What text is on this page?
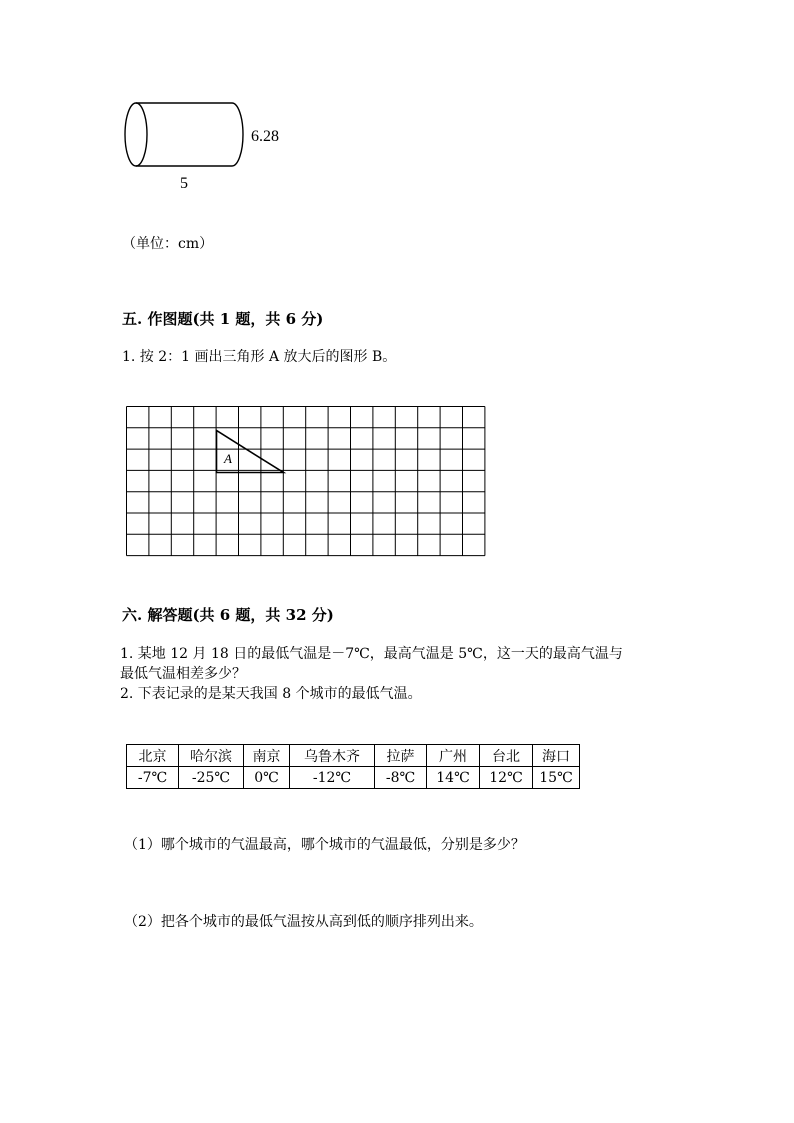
6.28
5
（单位：cm）
五. 作图题(共 1 题，共 6 分)
1. 按 2：1 画出三角形 A 放大后的图形 B。
A
六. 解答题(共 6 题，共 32 分)
1. 某地 12 月 18 日的最低气温是－7℃，最高气温是 5℃，这一天的最高气温与
最低气温相差多少？
2. 下表记录的是某天我国 8 个城市的最低气温。
北京	哈尔滨	南京	乌鲁木齐	拉萨	广州	台北	海口
-7℃	-25℃	0℃	-12℃	-8℃	14℃	12℃	15℃
（1）哪个城市的气温最高，哪个城市的气温最低，分别是多少？
（2）把各个城市的最低气温按从高到低的顺序排列出来。
